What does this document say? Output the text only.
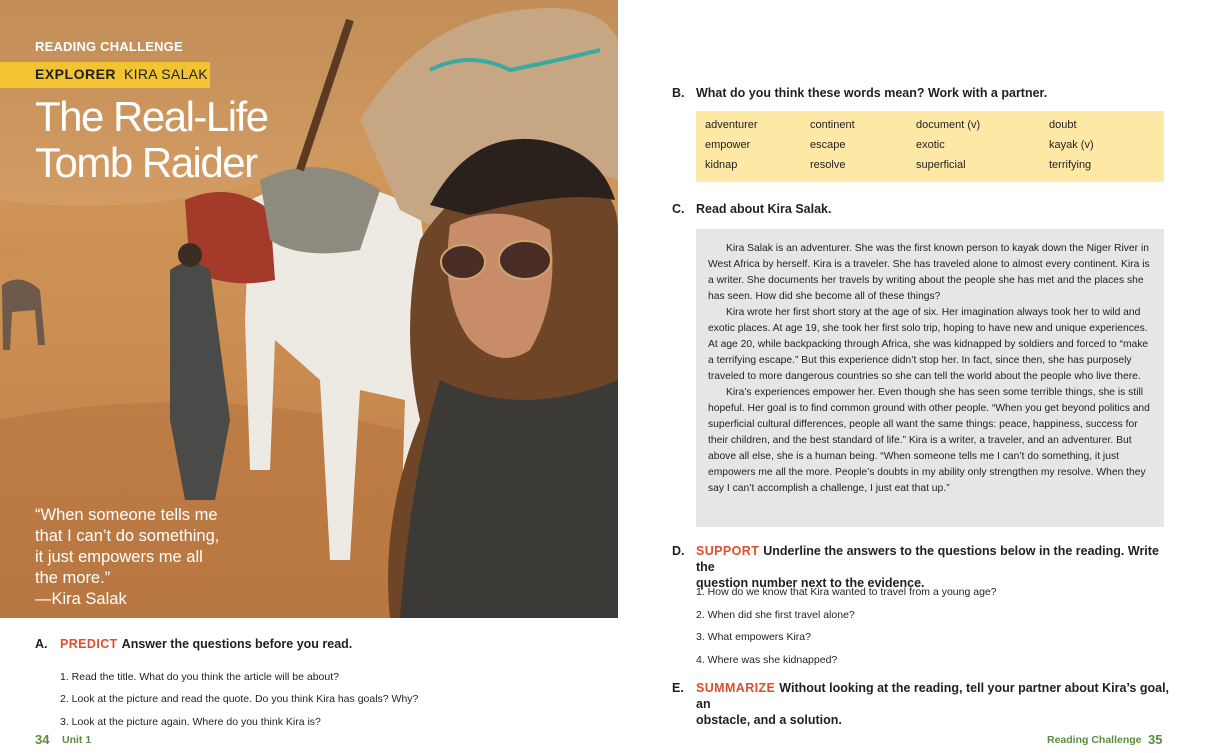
READING CHALLENGE
EXPLORER KIRA SALAK
The Real-Life
Tomb Raider
“When someone tells me
that I can’t do something,
it just empowers me all
the more.”
—Kira Salak
A. PREDICT Answer the questions before you read.
1. Read the title. What do you think the article will be about?
2. Look at the picture and read the quote. Do you think Kira has goals? Why?
3. Look at the picture again. Where do you think Kira is?
34 Unit 1
B. What do you think these words mean? Work with a partner.
adventurer	continent	document (v)	doubt
empower	escape	exotic	kayak (v)
kidnap	resolve	superficial	terrifying
C. Read about Kira Salak.

Kira Salak is an adventurer. She was the first known person to kayak down the Niger River in West Africa by herself. Kira is a traveler. She has traveled alone to almost every continent. Kira is a writer. She documents her travels by writing about the people she has met and the places she has seen. How did she become all of these things?

Kira wrote her first short story at the age of six. Her imagination always took her to wild and exotic places. At age 19, she took her first solo trip, hoping to have new and unique experiences. At age 20, while backpacking through Africa, she was kidnapped by soldiers and forced to “make a terrifying escape.” But this experience didn’t stop her. In fact, since then, she has purposely traveled to more dangerous countries so she can tell the world about the people who live there.

Kira’s experiences empower her. Even though she has seen some terrible things, she is still hopeful. Her goal is to find common ground with other people. “When you get beyond politics and superficial cultural differences, people all want the same things: peace, happiness, success for their children, and the best standard of life.” Kira is a writer, a traveler, and an adventurer. But above all else, she is a human being. “When someone tells me I can’t do something, it just empowers me all the more. People’s doubts in my ability only strengthen my resolve. When they say I can’t accomplish a challenge, I just eat that up.”

D. SUPPORT Underline the answers to the questions below in the reading. Write the
question number next to the evidence.
1. How do we know that Kira wanted to travel from a young age?
2. When did she first travel alone?
3. What empowers Kira?
4. Where was she kidnapped?
E. SUMMARIZE Without looking at the reading, tell your partner about Kira’s goal, an
obstacle, and a solution.
Reading Challenge 35
